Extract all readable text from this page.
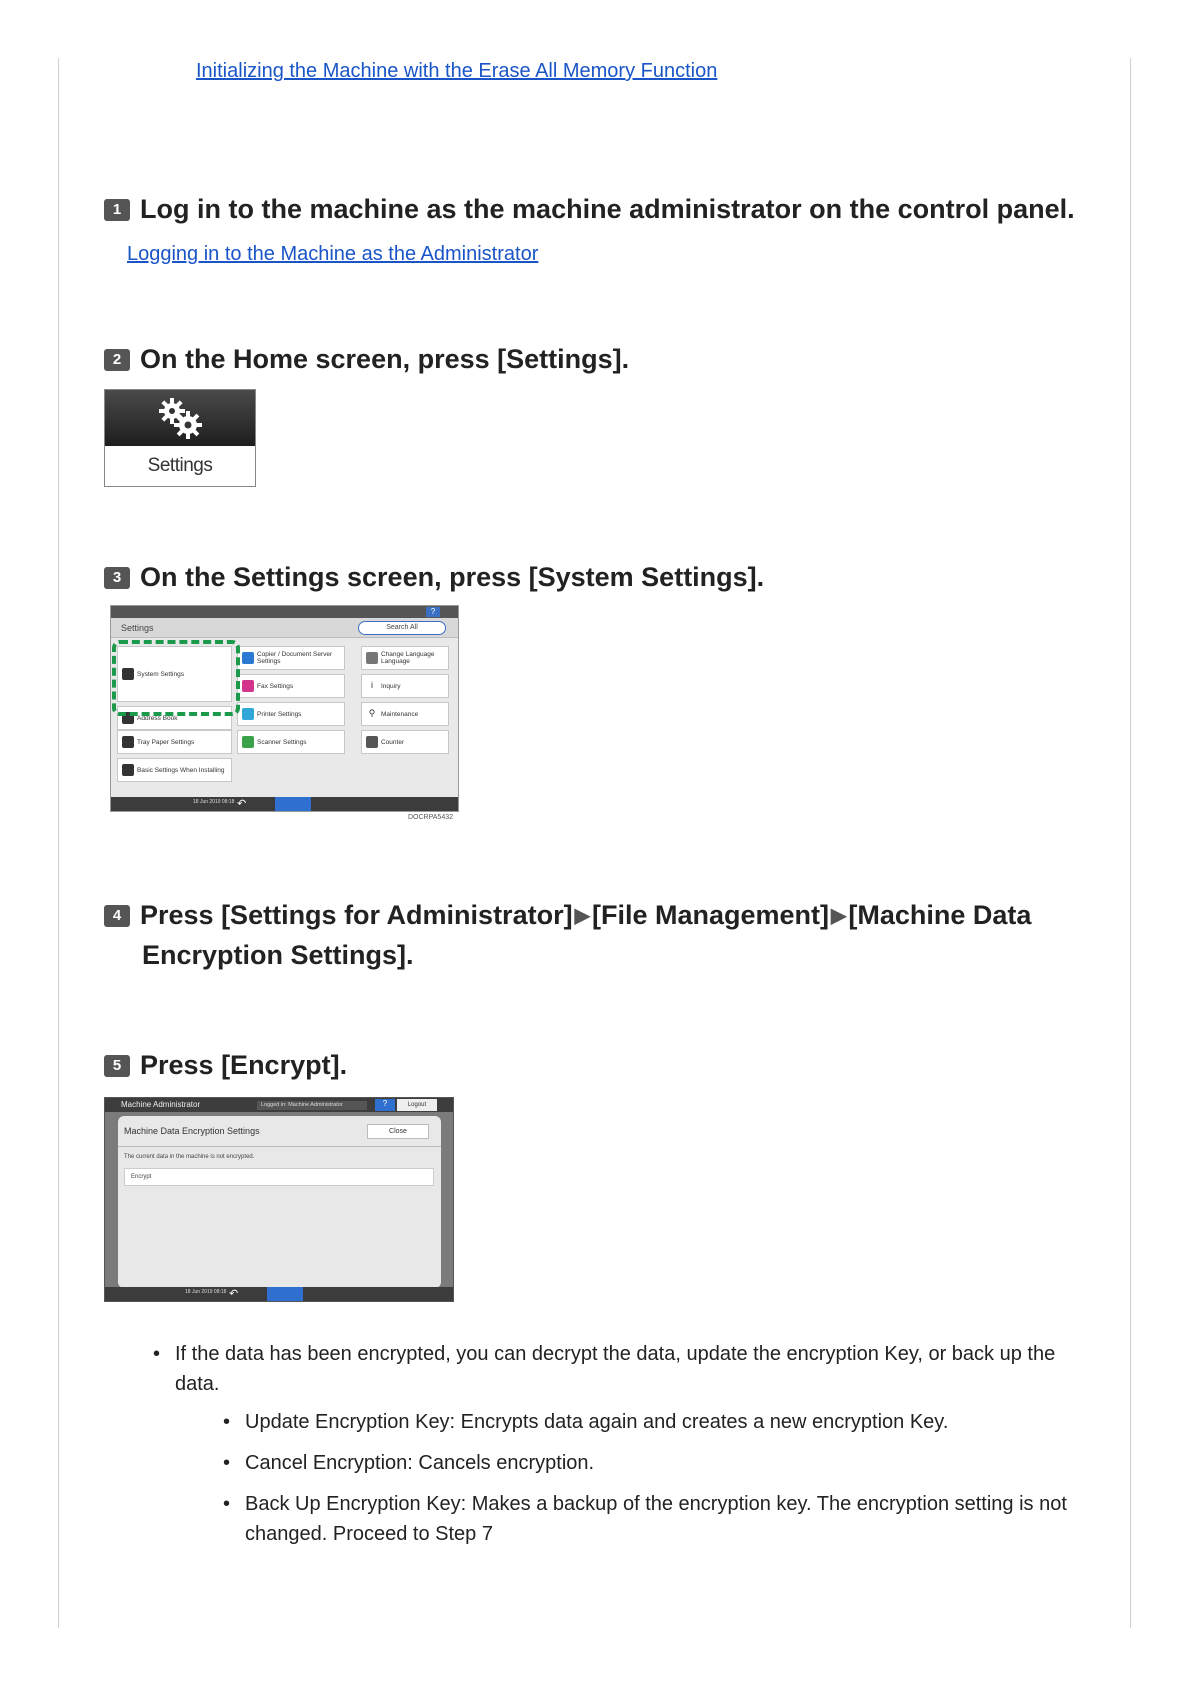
Initializing the Machine with the Erase All Memory Function
1 Log in to the machine as the machine administrator on the control panel.
Logging in to the Machine as the Administrator
2 On the Home screen, press [Settings].
Settings
3 On the Settings screen, press [System Settings].
?
Settings	Search All
System Settings
Copier / Document Server Settings
Change Language Language
Fax Settings	i	Inquiry
Address Book
Printer Settings	⚲ Maintenance
Tray Paper Settings	Scanner Settings	Counter
Basic Settings When Installing
18 Jun 2019 08:18 ↶
DOCRPA5432
4 Press [Settings for Administrator] ▶[File Management] ▶[Machine Data
Encryption Settings].
5 Press [Encrypt].
Machine Administrator	Logged in: Machine Administrator	?	Logout
Machine Data Encryption Settings	Close
The current data in the machine is not encrypted.
Encrypt
18 Jun 2019 08:18 ↶
• If the data has been encrypted, you can decrypt the data, update the encryption Key, or back up the data.
• Update Encryption Key: Encrypts data again and creates a new encryption Key.
• Cancel Encryption: Cancels encryption.
• Back Up Encryption Key: Makes a backup of the encryption key. The encryption setting is not changed. Proceed to Step 7
